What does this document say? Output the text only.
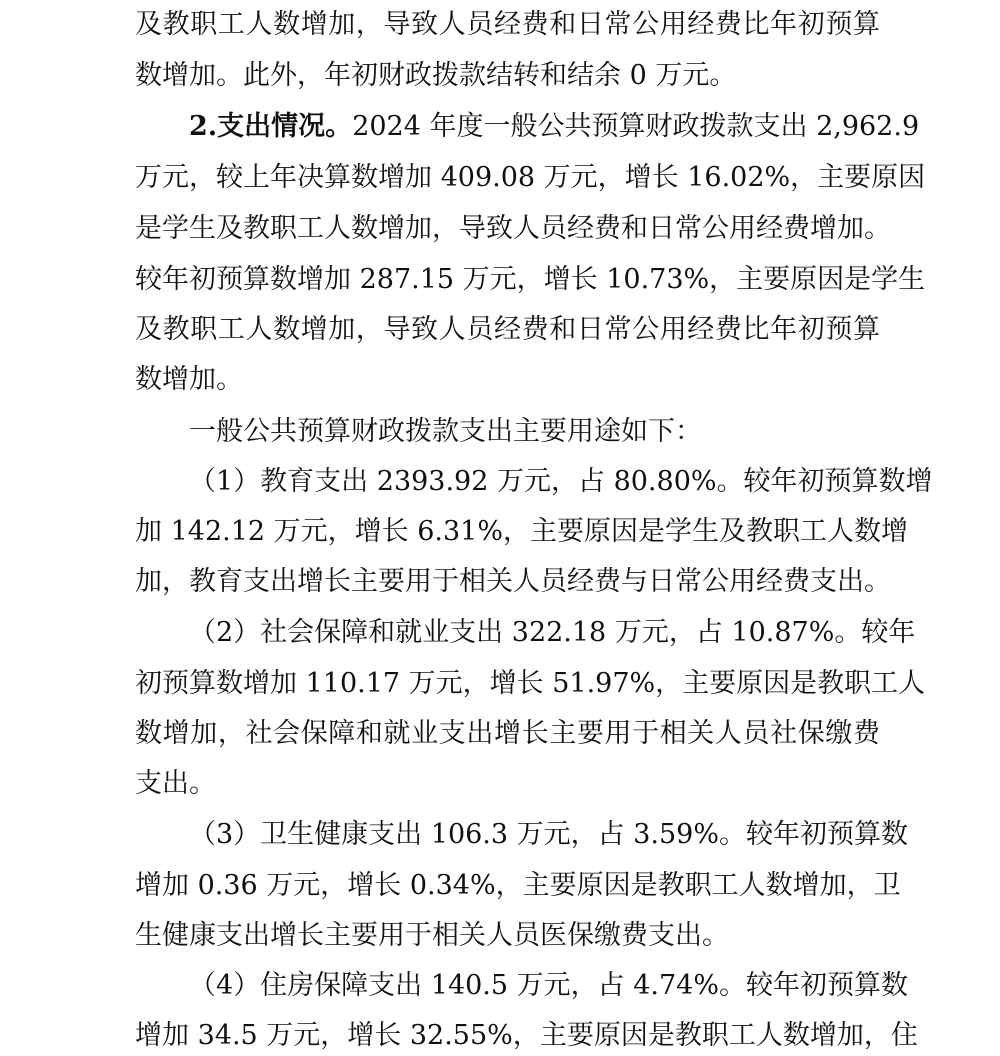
及教职工人数增加，导致人员经费和日常公用经费比年初预算
数增加。此外，年初财政拨款结转和结余 0 万元。
2.支出情况。2024 年度一般公共预算财政拨款支出 2,962.9
万元，较上年决算数增加 409.08 万元，增长 16.02%，主要原因
是学生及教职工人数增加，导致人员经费和日常公用经费增加。
较年初预算数增加 287.15 万元，增长 10.73%，主要原因是学生
及教职工人数增加，导致人员经费和日常公用经费比年初预算
数增加。
一般公共预算财政拨款支出主要用途如下：
（1）教育支出 2393.92 万元，占 80.80%。较年初预算数增
加 142.12 万元，增长 6.31%，主要原因是学生及教职工人数增
加，教育支出增长主要用于相关人员经费与日常公用经费支出。
（2）社会保障和就业支出 322.18 万元，占 10.87%。较年
初预算数增加 110.17 万元，增长 51.97%，主要原因是教职工人
数增加，社会保障和就业支出增长主要用于相关人员社保缴费
支出。
（3）卫生健康支出 106.3 万元，占 3.59%。较年初预算数
增加 0.36 万元，增长 0.34%，主要原因是教职工人数增加，卫
生健康支出增长主要用于相关人员医保缴费支出。
（4）住房保障支出 140.5 万元，占 4.74%。较年初预算数
增加 34.5 万元，增长 32.55%，主要原因是教职工人数增加，住
